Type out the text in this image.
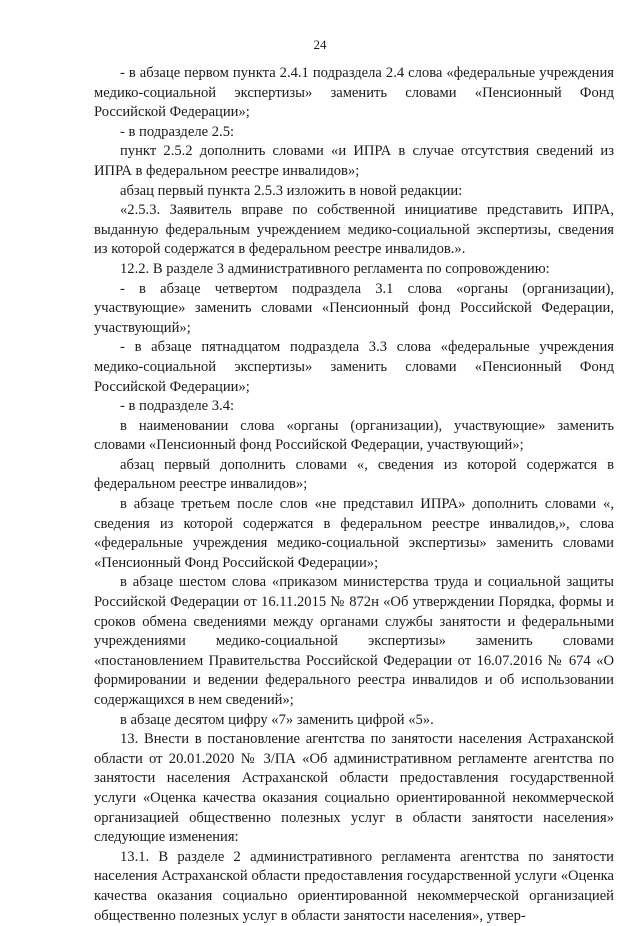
24

- в абзаце первом пункта 2.4.1 подраздела 2.4 слова «федеральные учреждения медико-социальной экспертизы» заменить словами «Пенсионный Фонд Российской Федерации»;

- в подразделе 2.5:

пункт 2.5.2 дополнить словами «и ИПРА в случае отсутствия сведений из ИПРА в федеральном реестре инвалидов»;

абзац первый пункта 2.5.3 изложить в новой редакции:

«2.5.3. Заявитель вправе по собственной инициативе представить ИПРА, выданную федеральным учреждением медико-социальной экспертизы, сведения из которой содержатся в федеральном реестре инвалидов.».

12.2. В разделе 3 административного регламента по сопровождению:

- в абзаце четвертом подраздела 3.1 слова «органы (организации), участвующие» заменить словами «Пенсионный фонд Российской Федерации, участвующий»;

- в абзаце пятнадцатом подраздела 3.3 слова «федеральные учреждения медико-социальной экспертизы» заменить словами «Пенсионный Фонд Российской Федерации»;

- в подразделе 3.4:

в наименовании слова «органы (организации), участвующие» заменить словами «Пенсионный фонд Российской Федерации, участвующий»;

абзац первый дополнить словами «, сведения из которой содержатся в федеральном реестре инвалидов»;

в абзаце третьем после слов «не представил ИПРА» дополнить словами «, сведения из которой содержатся в федеральном реестре инвалидов,», слова «федеральные учреждения медико-социальной экспертизы» заменить словами «Пенсионный Фонд Российской Федерации»;

в абзаце шестом слова «приказом министерства труда и социальной защиты Российской Федерации от 16.11.2015 № 872н «Об утверждении Порядка, формы и сроков обмена сведениями между органами службы занятости и федеральными учреждениями медико-социальной экспертизы» заменить словами «постановлением Правительства Российской Федерации от 16.07.2016 № 674 «О формировании и ведении федерального реестра инвалидов и об использовании содержащихся в нем сведений»;

в абзаце десятом цифру «7» заменить цифрой «5».

13. Внести в постановление агентства по занятости населения Астраханской области от 20.01.2020 № 3/ПА «Об административном регламенте агентства по занятости населения Астраханской области предоставления государственной услуги «Оценка качества оказания социально ориентированной некоммерческой организацией общественно полезных услуг в области занятости населения» следующие изменения:

13.1. В разделе 2 административного регламента агентства по занятости населения Астраханской области предоставления государственной услуги «Оценка качества оказания социально ориентированной некоммерческой организацией общественно полезных услуг в области занятости населения», утвер-
